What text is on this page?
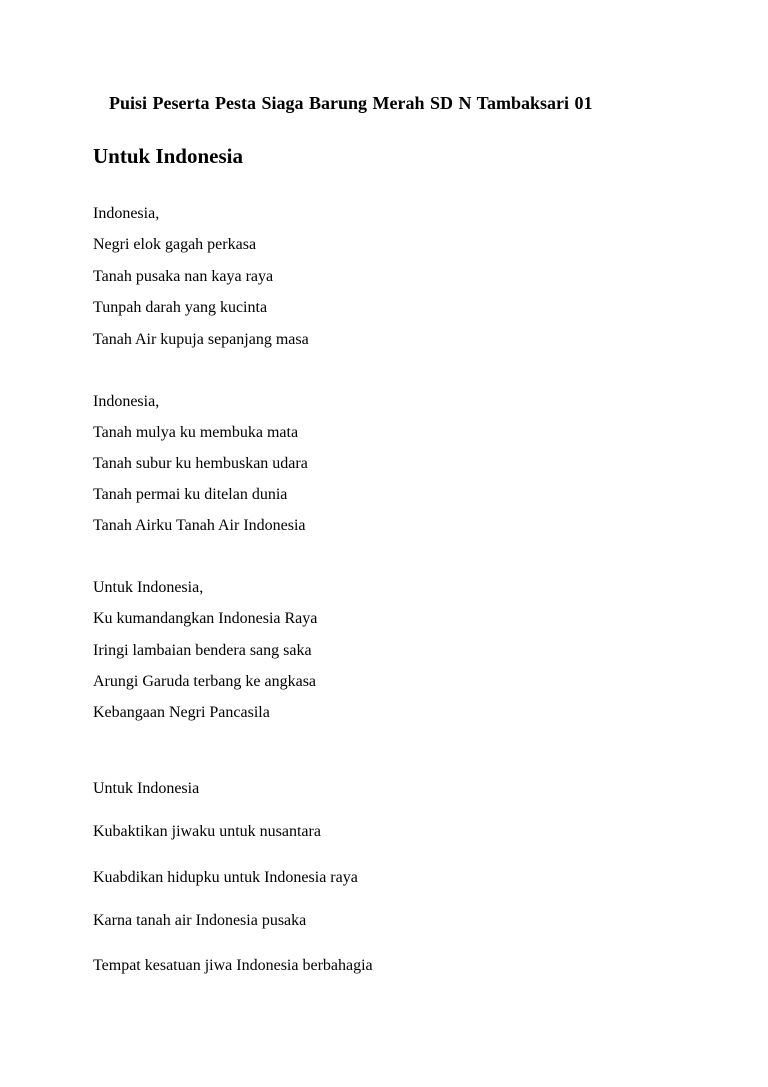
Puisi Peserta Pesta Siaga Barung Merah SD N Tambaksari 01
Untuk Indonesia
Indonesia,
Negri elok gagah perkasa
Tanah pusaka nan kaya raya
Tunpah darah yang kucinta
Tanah Air kupuja sepanjang masa
Indonesia,
Tanah mulya ku membuka mata
Tanah subur ku hembuskan udara
Tanah permai ku ditelan dunia
Tanah Airku Tanah Air Indonesia
Untuk Indonesia,
Ku kumandangkan Indonesia Raya
Iringi lambaian bendera sang saka
Arungi Garuda terbang ke angkasa
Kebangaan Negri Pancasila
Untuk Indonesia
Kubaktikan jiwaku untuk nusantara
Kuabdikan hidupku untuk Indonesia raya
Karna tanah air Indonesia pusaka
Tempat kesatuan jiwa Indonesia berbahagia
